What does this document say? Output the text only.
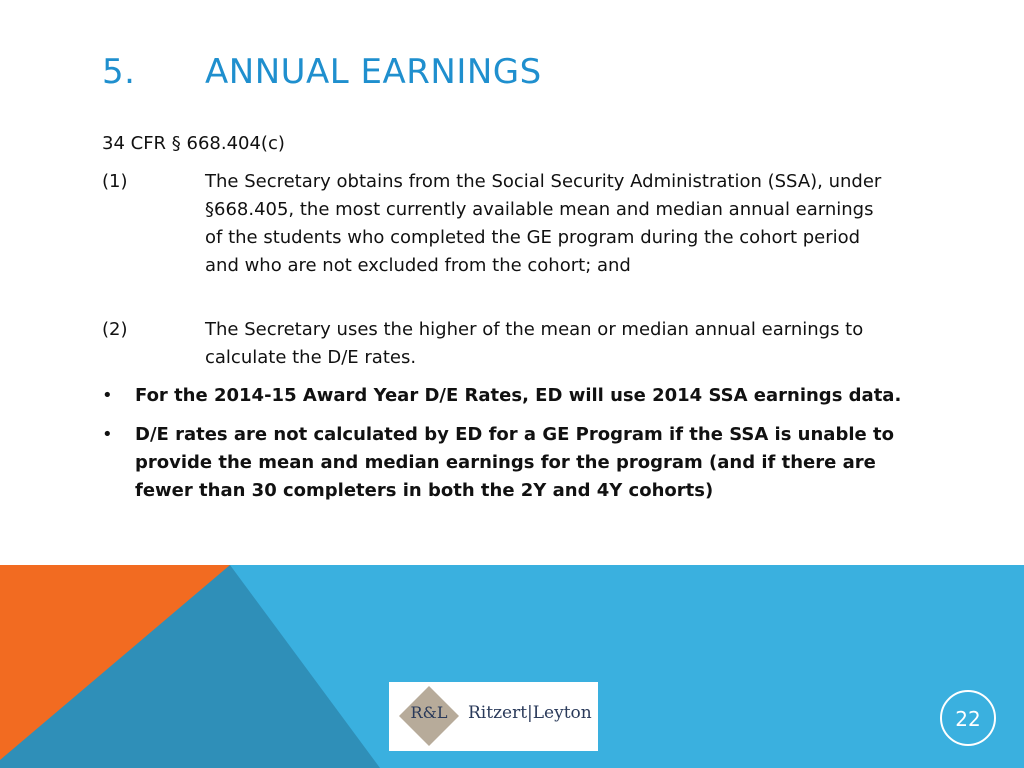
5. ANNUAL EARNINGS
34 CFR § 668.404(c)
(1)	The Secretary obtains from the Social Security Administration (SSA), under §668.405, the most currently available mean and median annual earnings of the students who completed the GE program during the cohort period and who are not excluded from the cohort; and
(2)	The Secretary uses the higher of the mean or median annual earnings to calculate the D/E rates.
• For the 2014-15 Award Year D/E Rates, ED will use 2014 SSA earnings data.
• D/E rates are not calculated by ED for a GE Program if the SSA is unable to provide the mean and median earnings for the program (and if there are fewer than 30 completers in both the 2Y and 4Y cohorts)
R&L	Ritzert|Leyton	22
